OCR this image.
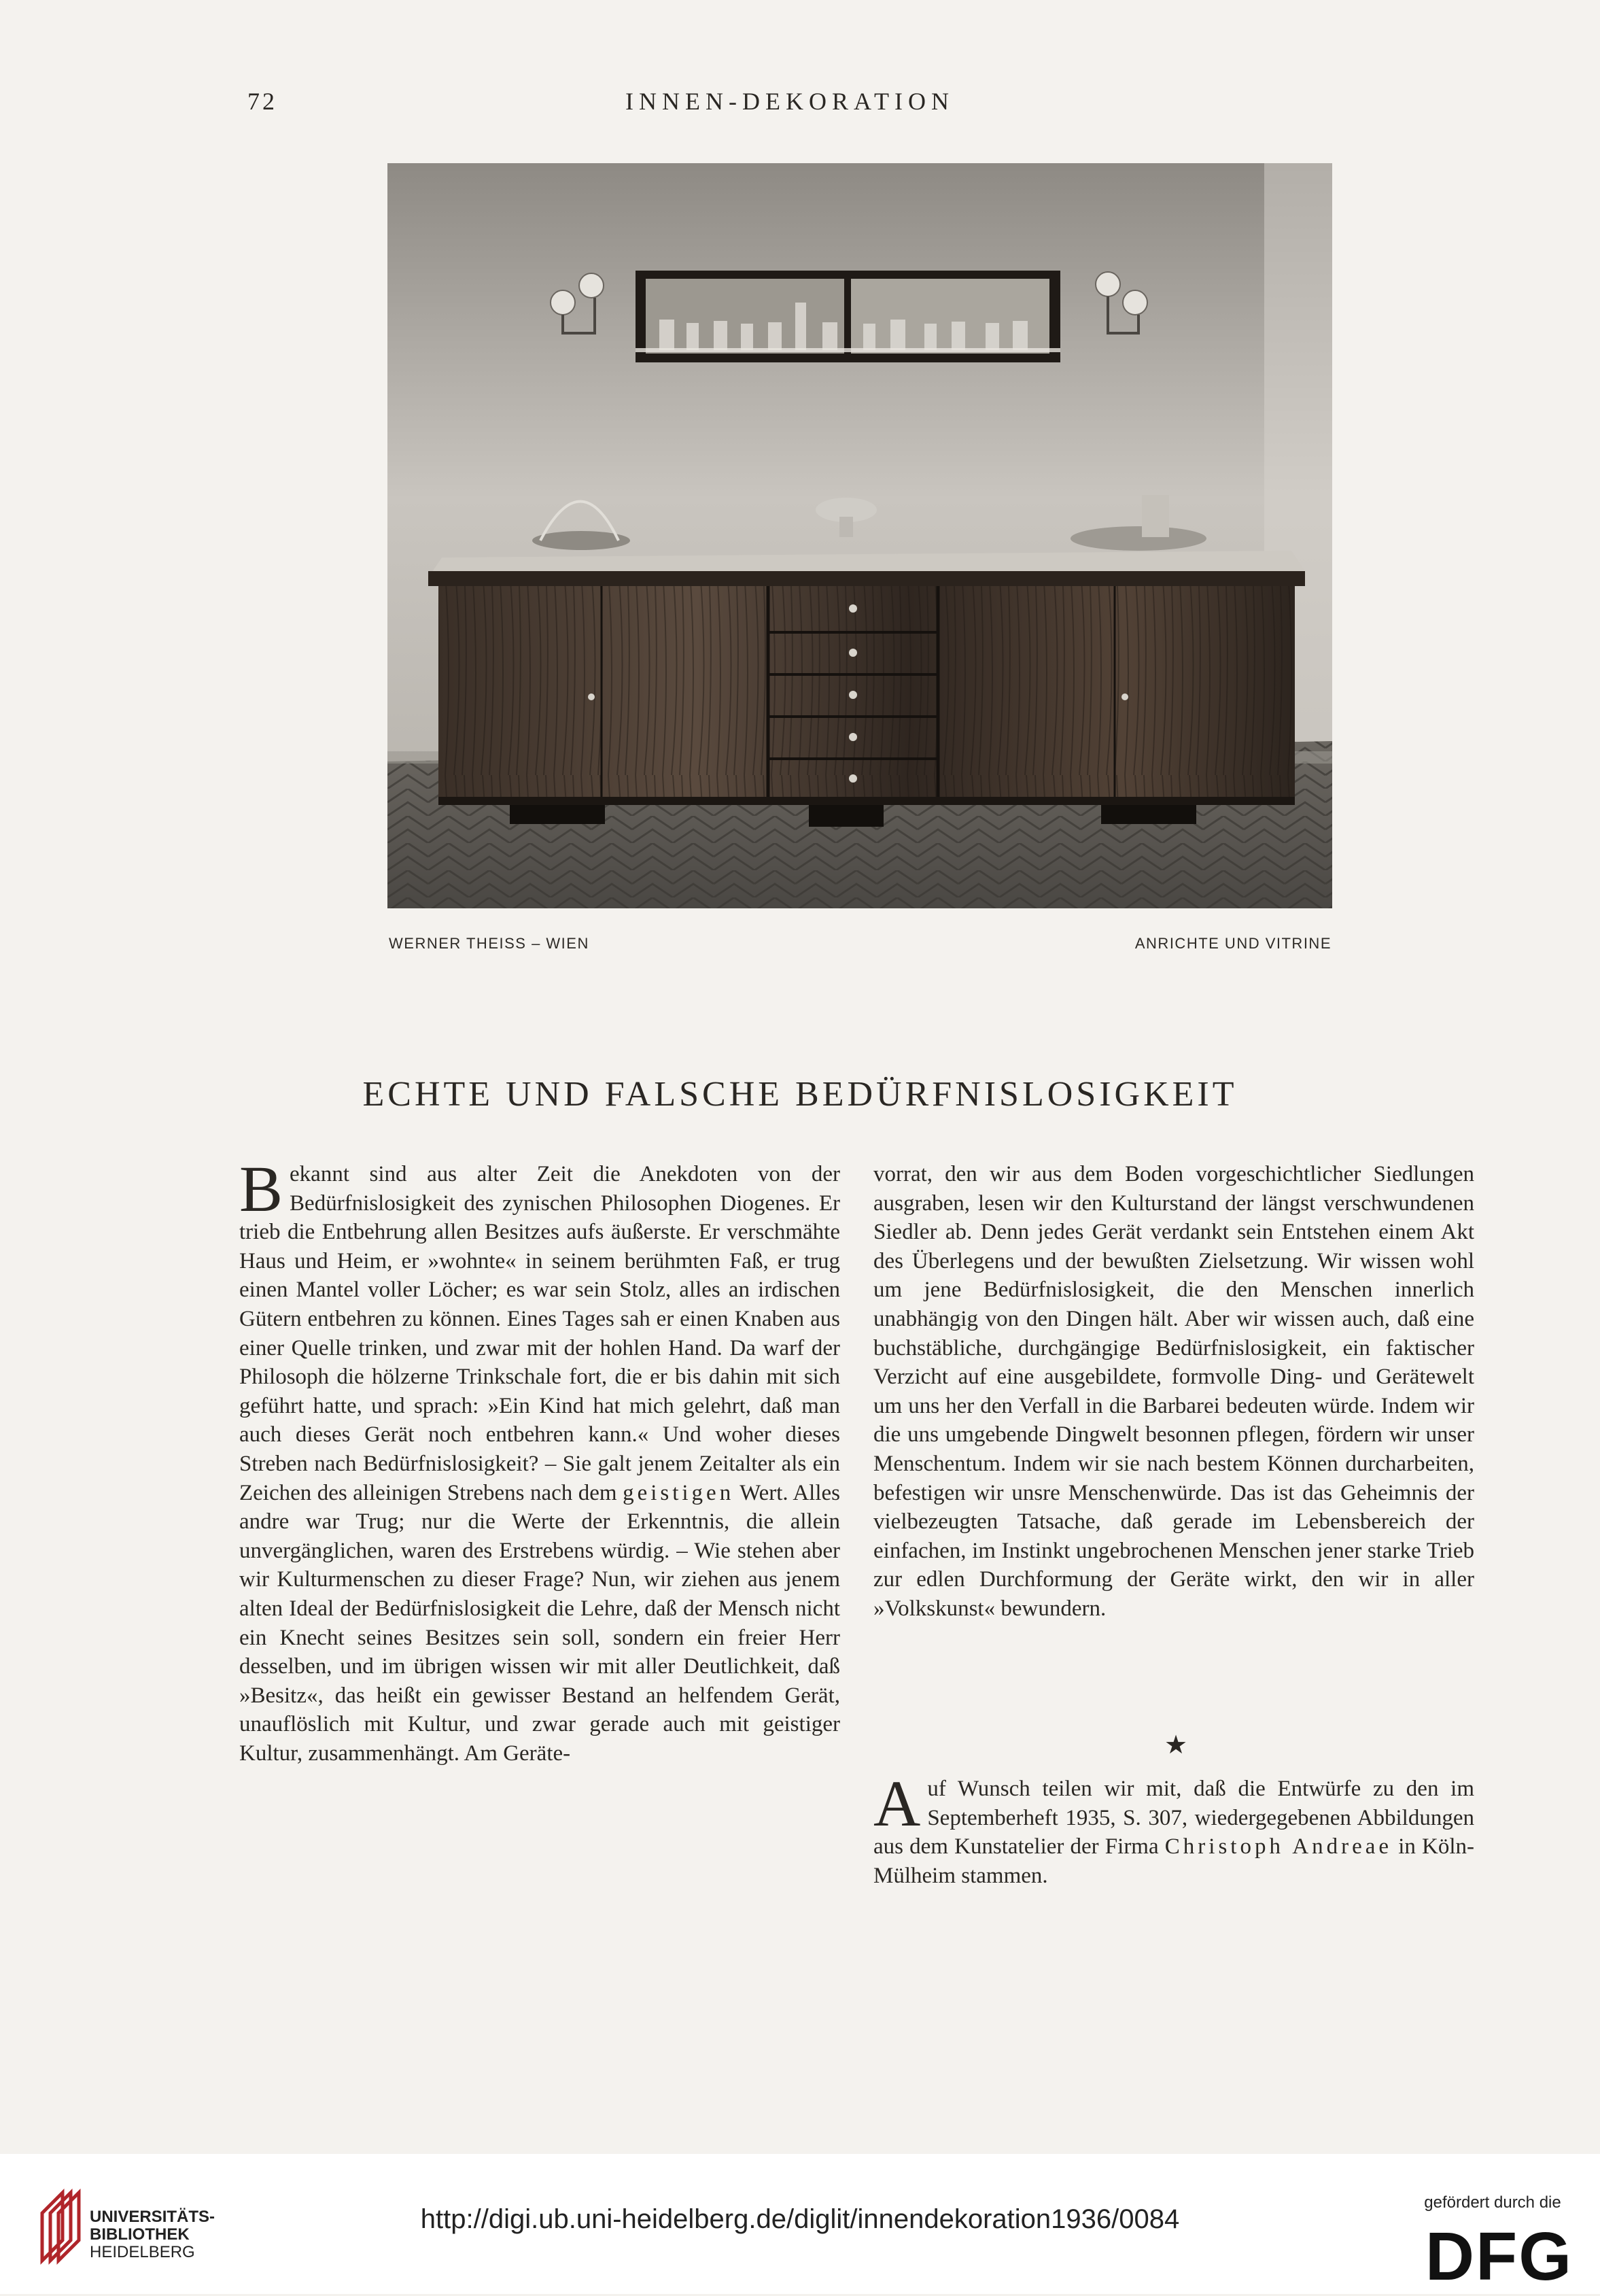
72	INNEN-DEKORATION
WERNER THEISS – WIEN	ANRICHTE UND VITRINE
ECHTE UND FALSCHE BEDÜRFNISLOSIGKEIT

Bekannt sind aus alter Zeit die Anekdoten von der Bedürfnislosigkeit des zynischen Philosophen Diogenes. Er trieb die Entbehrung allen Besitzes aufs äußerste. Er verschmähte Haus und Heim, er »wohnte« in seinem berühmten Faß, er trug einen Mantel voller Löcher; es war sein Stolz, alles an irdischen Gütern entbehren zu können. Eines Tages sah er einen Knaben aus einer Quelle trinken, und zwar mit der hohlen Hand. Da warf der Philosoph die hölzerne Trinkschale fort, die er bis dahin mit sich geführt hatte, und sprach: »Ein Kind hat mich gelehrt, daß man auch dieses Gerät noch entbehren kann.« Und woher dieses Streben nach Bedürfnislosigkeit? – Sie galt jenem Zeitalter als ein Zeichen des alleinigen Strebens nach dem geistigen Wert. Alles andre war Trug; nur die Werte der Erkenntnis, die allein unvergänglichen, waren des Erstrebens würdig. – Wie stehen aber wir Kulturmenschen zu dieser Frage? Nun, wir ziehen aus jenem alten Ideal der Bedürfnislosigkeit die Lehre, daß der Mensch nicht ein Knecht seines Besitzes sein soll, sondern ein freier Herr desselben, und im übrigen wissen wir mit aller Deutlichkeit, daß »Besitz«, das heißt ein gewisser Bestand an helfendem Gerät, unauflöslich mit Kultur, und zwar gerade auch mit geistiger Kultur, zusammenhängt. Am Geräte-

vorrat, den wir aus dem Boden vorgeschichtlicher Siedlungen ausgraben, lesen wir den Kulturstand der längst verschwundenen Siedler ab. Denn jedes Gerät verdankt sein Entstehen einem Akt des Überlegens und der bewußten Zielsetzung. Wir wissen wohl um jene Bedürfnislosigkeit, die den Menschen innerlich unabhängig von den Dingen hält. Aber wir wissen auch, daß eine buchstäbliche, durchgängige Bedürfnislosigkeit, ein faktischer Verzicht auf eine ausgebildete, formvolle Ding- und Gerätewelt um uns her den Verfall in die Barbarei bedeuten würde. Indem wir die uns umgebende Dingwelt besonnen pflegen, fördern wir unser Menschentum. Indem wir sie nach bestem Können durcharbeiten, befestigen wir unsre Menschenwürde. Das ist das Geheimnis der vielbezeugten Tatsache, daß gerade im Lebensbereich der einfachen, im Instinkt ungebrochenen Menschen jener starke Trieb zur edlen Durchformung der Geräte wirkt, den wir in aller »Volkskunst« bewundern.

★

Auf Wunsch teilen wir mit, daß die Entwürfe zu den im Septemberheft 1935, S. 307, wiedergegebenen Abbildungen aus dem Kunstatelier der Firma Christoph Andreae in Köln-Mülheim stammen.

UNIVERSITÄTS-
BIBLIOTHEK
HEIDELBERG
http://digi.ub.uni-heidelberg.de/diglit/innendekoration1936/0084
gefördert durch die
DFG
